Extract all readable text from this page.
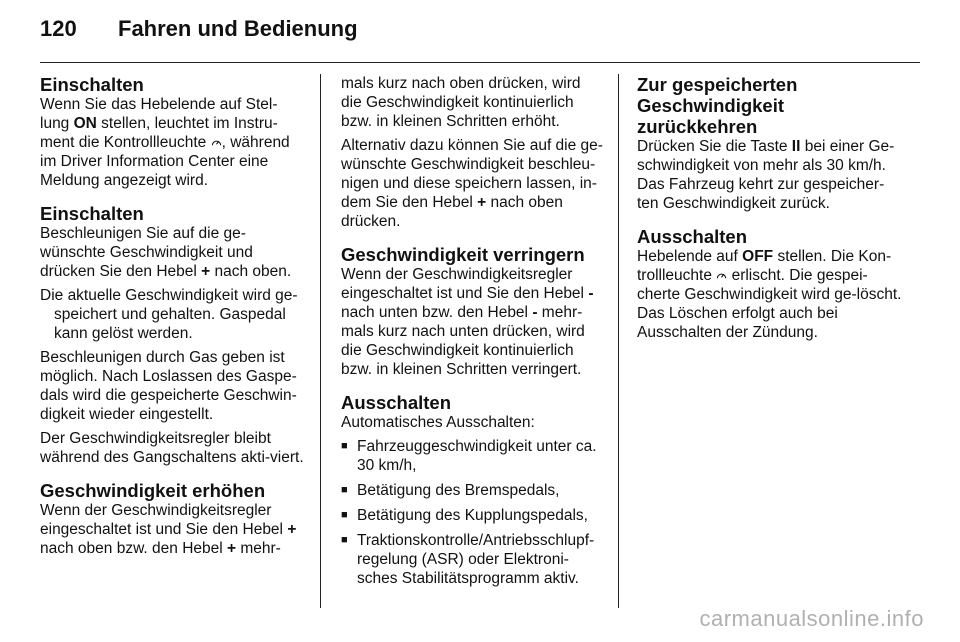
120	Fahren und Bedienung
Einschalten

Wenn Sie das Hebelende auf Stel-lung ON stellen, leuchtet im Instru-ment die Kontrollleuchte , während im Driver Information Center eine Meldung angezeigt wird.

Einschalten

Beschleunigen Sie auf die ge-wünschte Geschwindigkeit und drücken Sie den Hebel + nach oben.

Die aktuelle Geschwindigkeit wird ge-speichert und gehalten. Gaspedal kann gelöst werden.

Beschleunigen durch Gas geben ist möglich. Nach Loslassen des Gaspe-dals wird die gespeicherte Geschwin-digkeit wieder eingestellt.

Der Geschwindigkeitsregler bleibt während des Gangschaltens akti-viert.

Geschwindigkeit erhöhen

Wenn der Geschwindigkeitsregler eingeschaltet ist und Sie den Hebel + nach oben bzw. den Hebel + mehr-

mals kurz nach oben drücken, wird die Geschwindigkeit kontinuierlich bzw. in kleinen Schritten erhöht.

Alternativ dazu können Sie auf die ge-wünschte Geschwindigkeit beschleu-nigen und diese speichern lassen, in-dem Sie den Hebel + nach oben drücken.

Geschwindigkeit verringern

Wenn der Geschwindigkeitsregler eingeschaltet ist und Sie den Hebel - nach unten bzw. den Hebel - mehr-mals kurz nach unten drücken, wird die Geschwindigkeit kontinuierlich bzw. in kleinen Schritten verringert.

Ausschalten

Automatisches Ausschalten:

■ Fahrzeuggeschwindigkeit unter ca. 30 km/h,
■ Betätigung des Bremspedals,
■ Betätigung des Kupplungspedals,
■ Traktionskontrolle/Antriebsschlupf-regelung (ASR) oder Elektroni-sches Stabilitätsprogramm aktiv.
Zur gespeicherten Geschwindigkeit zurückkehren

Drücken Sie die Taste II bei einer Ge-schwindigkeit von mehr als 30 km/h. Das Fahrzeug kehrt zur gespeicher-ten Geschwindigkeit zurück.

Ausschalten

Hebelende auf OFF stellen. Die Kon-trollleuchte  erlischt. Die gespei-cherte Geschwindigkeit wird ge-löscht. Das Löschen erfolgt auch bei Ausschalten der Zündung.

carmanualsonline.info
